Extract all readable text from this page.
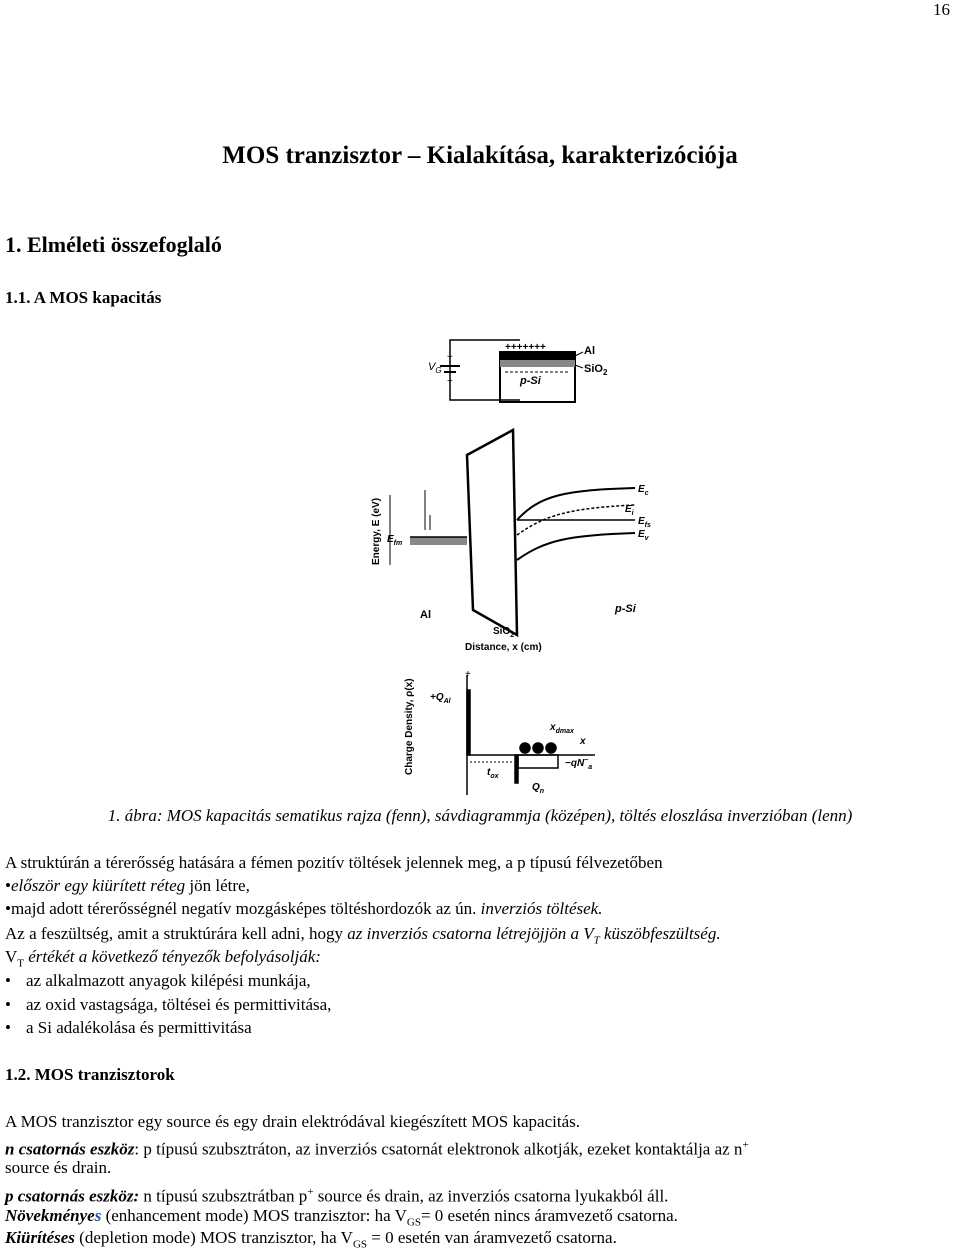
16
MOS tranzisztor – Kialakítása, karakterizóciója
1. Elméleti összefoglaló
1.1. A MOS kapacitás
+++++++	Al
SiO$_2$
p-Si
$V_G$
+
−
Energy, E (eV) $E_{fm}$
$E_c$
$E_i$
$E_{fs}$
$E_v$
Al	p-Si
SiO$_2$
Distance, x (cm)
Charge Density, ρ(x)
+
$+Q_{Al}$
$x_{dmax}$
x
$-qN^-_a$
$t_{ox}$
$Q_n$
1. ábra: MOS kapacitás sematikus rajza (fenn), sávdiagrammja (középen), töltés eloszlása inverzióban (lenn)
A struktúrán a térerősség hatására a fémen pozitív töltések jelennek meg, a p típusú félvezetőben
•először egy kiürített réteg jön létre,
•majd adott térerősségnél negatív mozgásképes töltéshordozók az ún. inverziós töltések.
Az a feszültség, amit a struktúrára kell adni, hogy az inverziós csatorna létrejöjjön a $V_T$ küszöbfeszültség.
$V_T$ értékét a következő tényezők befolyásolják:
• az alkalmazott anyagok kilépési munkája,
• az oxid vastagsága, töltései és permittivitása,
• a Si adalékolása és permittivitása
1.2. MOS tranzisztorok
A MOS tranzisztor egy source és egy drain elektródával kiegészített MOS kapacitás.
n csatornás eszköz: p típusú szubsztráton, az inverziós csatornát elektronok alkotják, ezeket kontaktálja az n+
source és drain.
p csatornás eszköz: n típusú szubsztrátban p+ source és drain, az inverziós csatorna lyukakból áll.
Növekményes (enhancement mode) MOS tranzisztor: ha $V_{GS}= 0$ esetén nincs áramvezető csatorna.
Kiürítéses (depletion mode) MOS tranzisztor, ha $V_{GS} = 0$ esetén van áramvezető csatorna.
